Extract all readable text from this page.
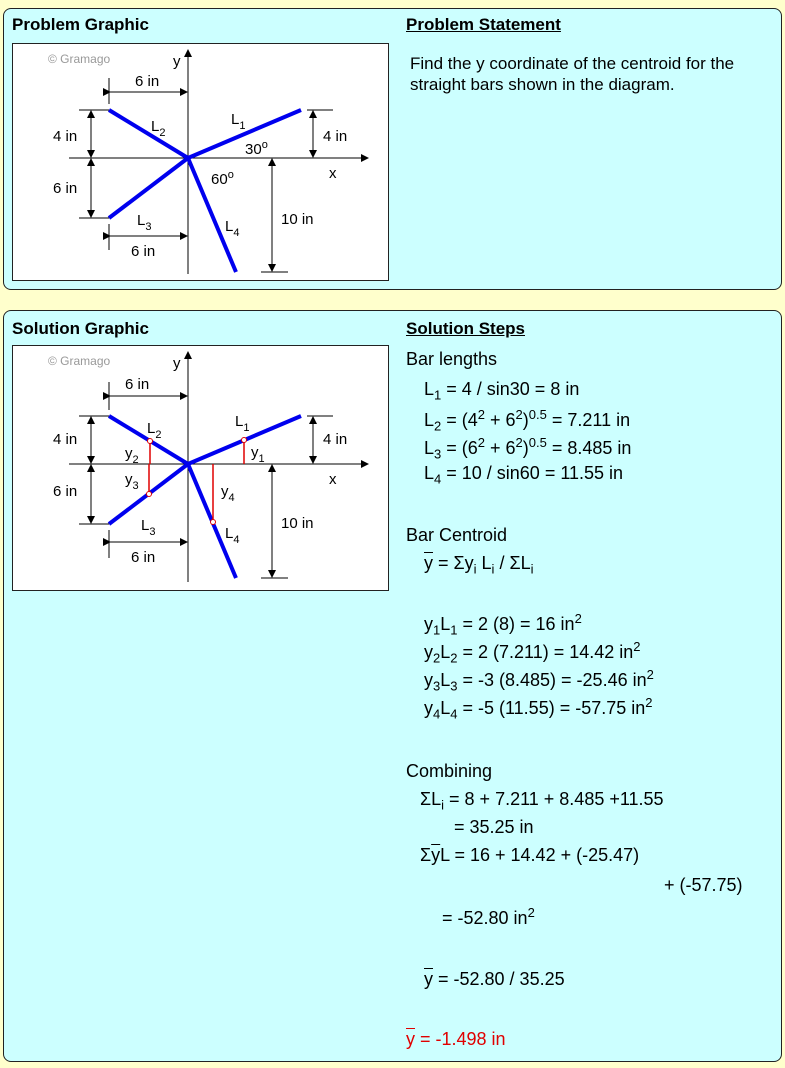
Problem Graphic	Problem Statement
Find the y coordinate of the centroid for the straight bars shown in the diagram.
© Gramago	y
x
6 in
4 in
6 in
6 in
4 in
10 in
30$^o$
60$^o$
$L_1$
$L_2$
$L_3$	$L_4$
Solution Graphic	Solution Steps
© Gramago	y
x
6 in
4 in
6 in
6 in
4 in
10 in
$L_1$
$L_2$
$L_3$	$L_4$
$y_1$
$y_2$
$y_3$	$y_4$
Bar lengths
$L_1 = 4 / \sin 30 = 8$ in
$L_2 = (4^2 + 6^2)^{0.5} = 7.211$ in
$L_3 = (6^2 + 6^2)^{0.5} = 8.485$ in
$L_4 = 10 / \sin 60 = 11.55$ in
Bar Centroid
$\overline{y} = \Sigma y_i$ $L_i / \Sigma L_i$
$y_1L_1 = 2$ (8) = 16 $in^2$
$y_2L_2 = 2$ (7.211) = 14.42 $in^2$
$y_3L_3 = -3$ (8.485) = -25.46 $in^2$
$y_4L_4 = -5$ (11.55) = -57.75 $in^2$
Combining
$\Sigma L_i = 8 + 7.211 + 8.485 +11.55$
= 35.25 in
$\Sigma\overline{y}L = 16 + 14.42 + (-25.47)$
+ (-57.75)
= -52.80 $in^2$
$\overline{y} = -52.80 / 35.25$
$\overline{y} = -1.498$ in
